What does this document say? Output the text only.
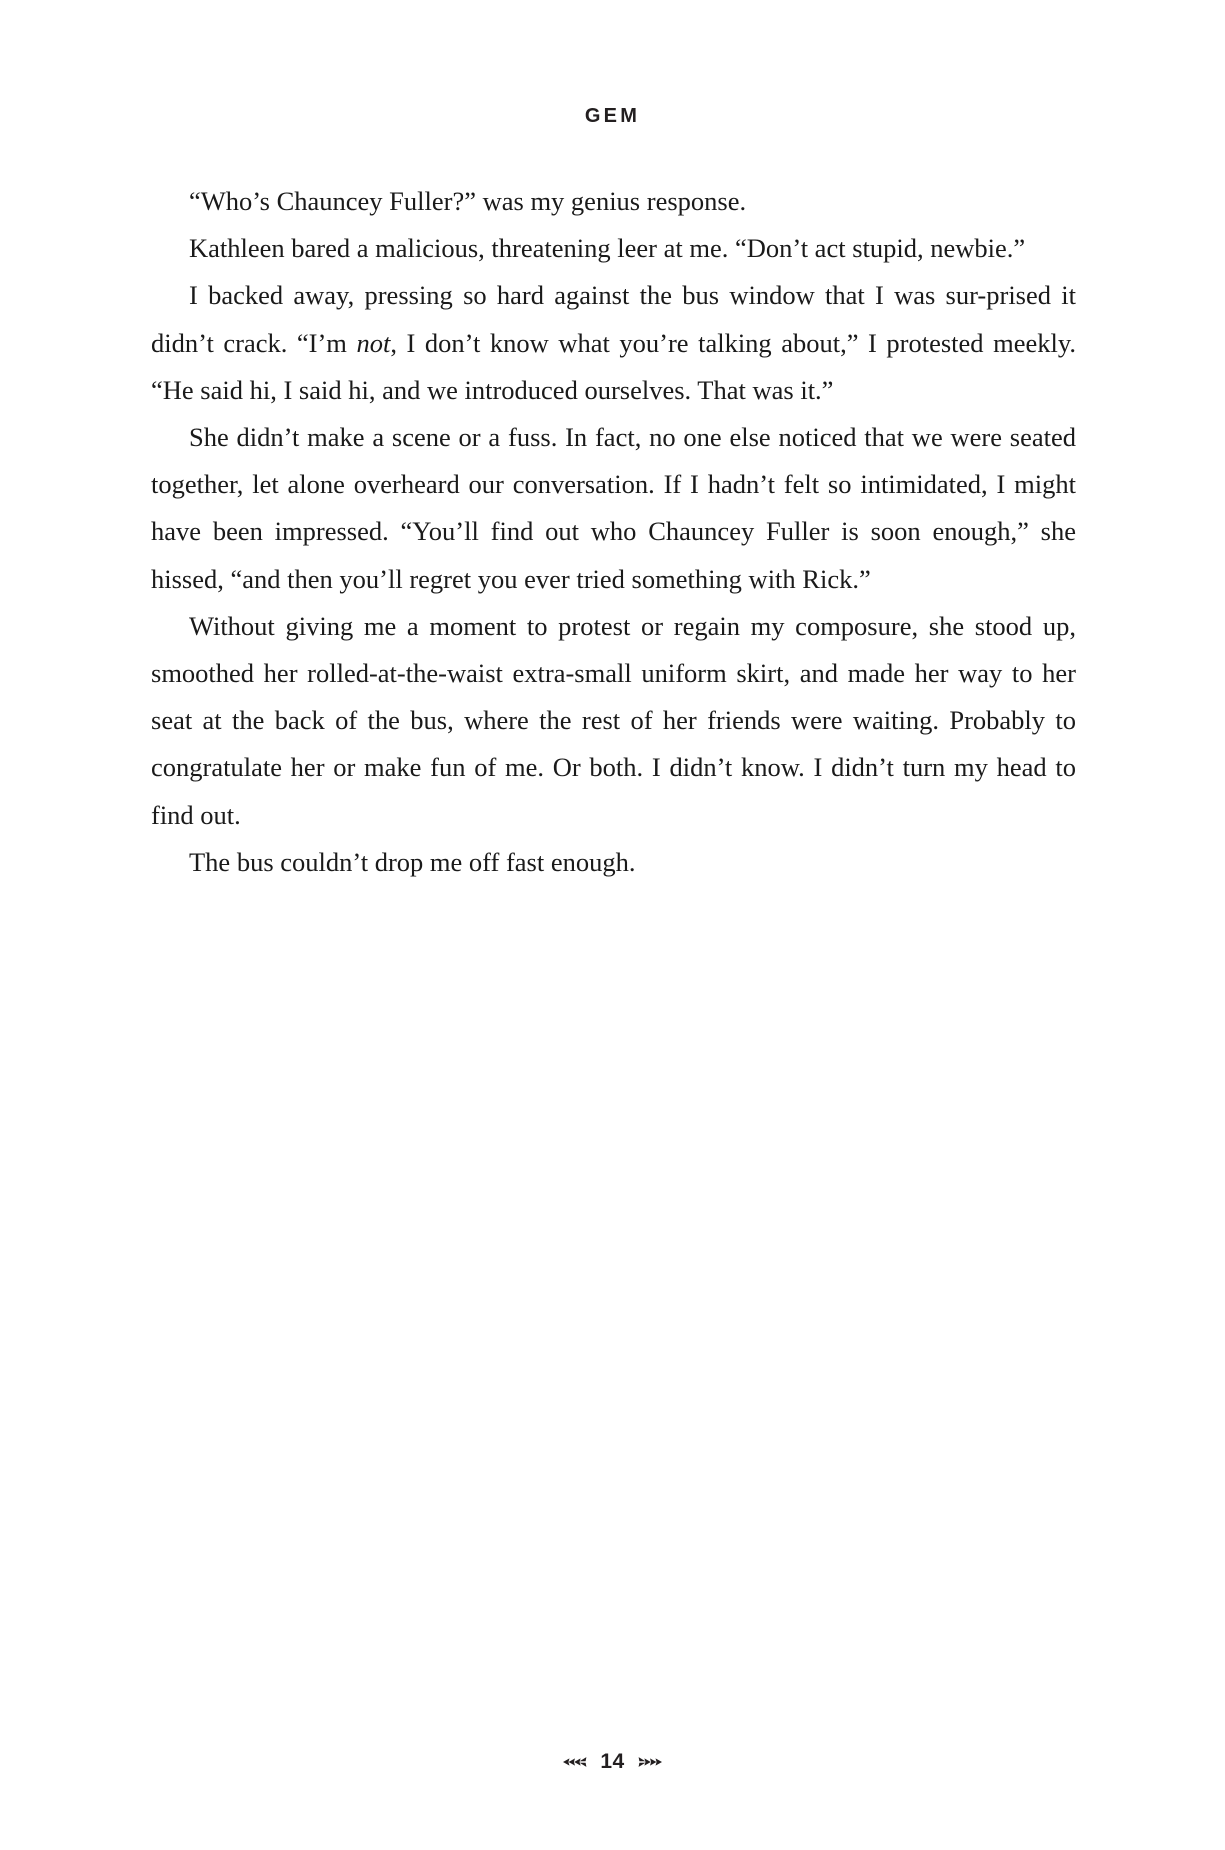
GEM

“Who’s Chauncey Fuller?” was my genius response.

Kathleen bared a malicious, threatening leer at me. “Don’t act stupid, newbie.”

I backed away, pressing so hard against the bus window that I was sur-prised it didn’t crack. “I’m not, I don’t know what you’re talking about,” I protested meekly. “He said hi, I said hi, and we introduced ourselves. That was it.”

She didn’t make a scene or a fuss. In fact, no one else noticed that we were seated together, let alone overheard our conversation. If I hadn’t felt so intimidated, I might have been impressed. “You’ll find out who Chauncey Fuller is soon enough,” she hissed, “and then you’ll regret you ever tried something with Rick.”

Without giving me a moment to protest or regain my composure, she stood up, smoothed her rolled-at-the-waist extra-small uniform skirt, and made her way to her seat at the back of the bus, where the rest of her friends were waiting. Probably to congratulate her or make fun of me. Or both. I didn’t know. I didn’t turn my head to find out.

The bus couldn’t drop me off fast enough.

14
